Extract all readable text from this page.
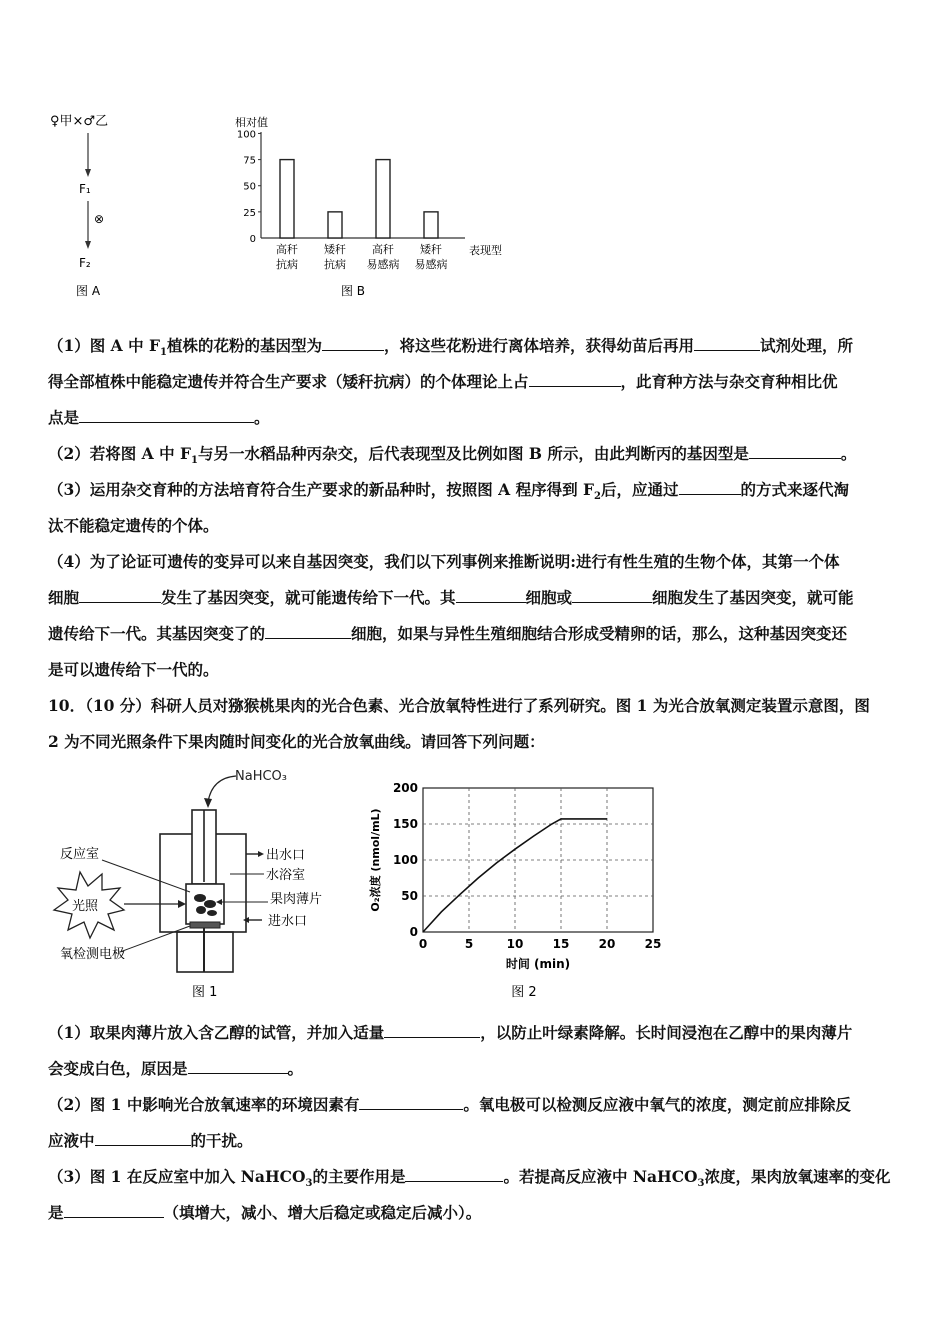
♀甲×♂乙
F₁
⊗
F₂
图 A
相对值
0
25
50
75
100
高秆
抗病
矮秆
抗病
高秆
易感病
矮秆
易感病
表现型
图 B
（1）图 A 中 $F_1$植株的花粉的基因型为	，将这些花粉进行离体培养，获得幼苗后再用	试剂处理，所
得全部植株中能稳定遗传并符合生产要求（矮秆抗病）的个体理论上占	，此育种方法与杂交育种相比优
点是	。
（2）若将图 A 中 $F_1$与另一水稻品种丙杂交，后代表现型及比例如图 B 所示，由此判断丙的基因型是	。
（3）运用杂交育种的方法培育符合生产要求的新品种时，按照图 A 程序得到 $F_2$后，应通过	的方式来逐代淘
汰不能稳定遗传的个体。
（4）为了论证可遗传的变异可以来自基因突变，我们以下列事例来推断说明:进行有性生殖的生物个体，其第一个体
细胞	发生了基因突变，就可能遗传给下一代。其	细胞或	细胞发生了基因突变，就可能
遗传给下一代。其基因突变了的	细胞，如果与异性生殖细胞结合形成受精卵的话，那么，这种基因突变还
是可以遗传给下一代的。
10．（10 分）科研人员对猕猴桃果肉的光合色素、光合放氧特性进行了系列研究。图 1 为光合放氧测定装置示意图，图
2 为不同光照条件下果肉随时间变化的光合放氧曲线。请回答下列问题：
NaHCO₃
出水口
水浴室
果肉薄片
进水口
反应室
光照
氧检测电极
图 1
0	5	10 15 20 25
0
50
100
150
200
时间 (min)
O₂浓度 (nmol/mL)
图 2
（1）取果肉薄片放入含乙醇的试管，并加入适量	，以防止叶绿素降解。长时间浸泡在乙醇中的果肉薄片
会变成白色，原因是	。
（2）图 1 中影响光合放氧速率的环境因素有	。氧电极可以检测反应液中氧气的浓度，测定前应排除反
应液中	的干扰。
（3）图 1 在反应室中加入 NaHCO$_3$的主要作用是	。若提高反应液中 NaHCO$_3$浓度，果肉放氧速率的变化
是	（填增大，减小、增大后稳定或稳定后减小）。
